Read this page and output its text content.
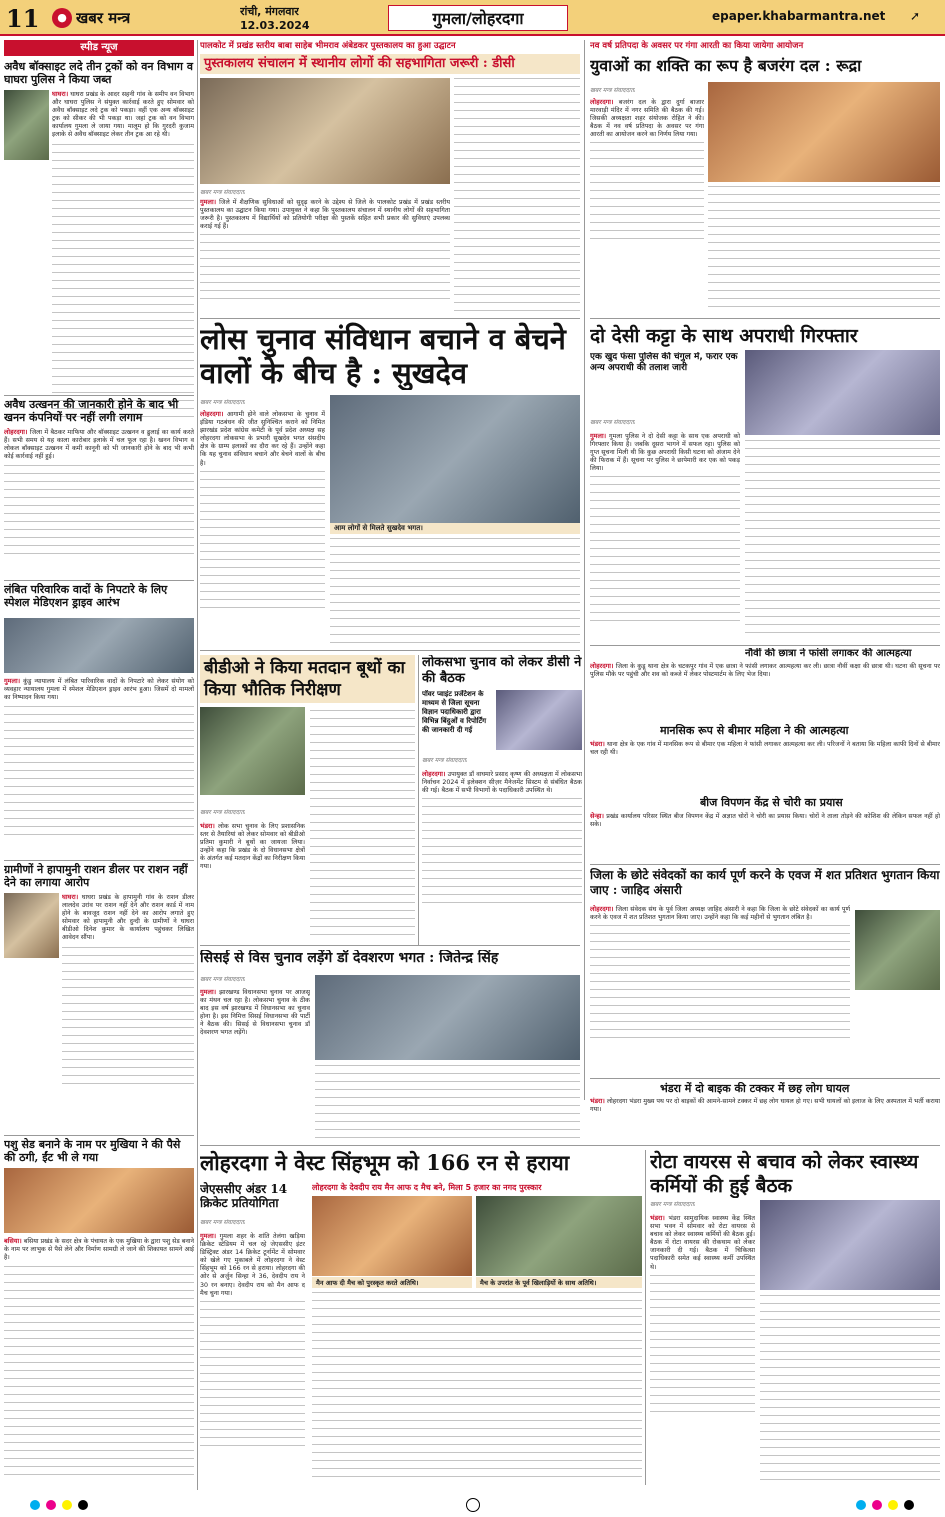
11	● खबर मन्त्र	रांची, मंगलवार
12.03.2024	गुमला/लोहरदगा	epaper.khabarmantra.net ➚
स्पीड न्यूज
अवैध बॉक्साइट लदे तीन ट्रकों को वन विभाग व घाघरा पुलिस ने किया जब्त
घाघरा। घाघरा प्रखंड के आदर सहनी गांव के समीप वन विभाग और घाघरा पुलिस ने संयुक्त कार्रवाई करते हुए सोमवार को अवैध बॉक्साइट लदे ट्रक को पकड़ा। वहीं एक अन्य बॉक्साइट ट्रक को सीकर की भी पकड़ा था। जहां ट्रक को वन विभाग कार्यालय गुमला ले जाया गया। मालूम हो कि गुरदरी कुजाम इलाके से अवैध बॉक्साइट लेकर तीन ट्रक आ रहे थी।
अवैध उत्खनन की जानकारी होने के बाद भी खनन कंपनियों पर नहीं लगी लगाम
लोहरदगा। जिला में बैठकर माफिया और बॉक्साइट उत्खनन व ढुलाई का कार्य करते हैं। सभी समय से यह काला कारोबार इलाके में चल फूल रहा है। खनन विभाग व लोकल बॉक्साइट उत्खनन में कमी कानूनी को भी जानकारी होने के बाद भी कभी कोई कार्रवाई नहीं हुई।
लंबित परिवारिक वादों के निपटारे के लिए स्पेशल मेडिएशन ड्राइव आरंभ
गुमला। कुंडु न्यायालय में लंबित पारिवारिक वादों के निपटारे को लेकर संयोग को व्यवहार न्यायालय गुमला में स्पेशल मेडिएशन ड्राइव आरंभ हुआ। जिसमें दो मामलों का निष्पादन किया गया।
ग्रामीणों ने हापामुनी राशन डीलर पर राशन नहीं देने का लगाया आरोप
घाघरा। घाघरा प्रखंड के हापामुनी गांव के राशन डीलर लालदेव उरांव पर राशन नहीं देने और राशन कार्ड में नाम होने के बावजूद राशन नहीं देने का आरोप लगाते हुए सोमवार को हापामुनी और दुन्दी के ग्रामीणों ने घाघरा बीडीओ दिनेश कुमार के कार्यालय पहुंचकर लिखित आवेदन सौंपा।
पशु सेड बनाने के नाम पर मुखिया ने की पैसे की ठगी, ईंट भी ले गया
बसिया। बसिया प्रखंड के सदर क्षेत्र के पंचायत के एक मुखिया के द्वारा पशु सेड बनाने के नाम पर लाभुक से पैसे लेने और निर्माण सामग्री ले जाने की शिकायत सामने आई है।
पालकोट में प्रखंड स्तरीय बाबा साहेब भीमराव अंबेडकर पुस्तकालय का हुआ उद्घाटन
पुस्तकालय संचालन में स्थानीय लोगों की सहभागिता जरूरी : डीसी
खबर मन्त्र संवाददाता
गुमला। जिले में शैक्षणिक सुविधाओं को सुदृढ़ करने के उद्देश्य से जिले के पालकोट प्रखंड में प्रखंड स्तरीय पुस्तकालय का उद्घाटन किया गया। उपायुक्त ने कहा कि पुस्तकालय संचालन में स्थानीय लोगों की सहभागिता जरूरी है। पुस्तकालय में विद्यार्थियों को प्रतियोगी परीक्षा की पुस्तकें सहित सभी प्रकार की सुविधाएं उपलब्ध कराई गई हैं।
नव वर्ष प्रतिपदा के अवसर पर गंगा आरती का किया जायेगा आयोजन
युवाओं का शक्ति का रूप है बजरंग दल : रूद्रा
खबर मन्त्र संवाददाता
लोहरदगा। बजरंग दल के द्वारा दुर्गा बाजार मारवाड़ी मंदिर में नगर समिति की बैठक की गई। जिसकी अध्यक्षता शहर संयोजक रोहित ने की। बैठक में नव वर्ष प्रतिपदा के अवसर पर गंगा आरती का आयोजन करने का निर्णय लिया गया।
लोस चुनाव संविधान बचाने व बेचने वालों के बीच है : सुखदेव
खबर मन्त्र संवाददाता
लोहरदगा। आगामी होने वाले लोकसभा के चुनाव में इंडिया गठबंधन की जीत सुनिश्चित कराने को निमित झारखंड प्रदेश कांग्रेस कमेटी के पूर्व प्रदेश अध्यक्ष सह लोहरदगा लोकसभा के प्रभारी सुखदेव भगत संसदीय क्षेत्र के ग्राम्य इलाकों का दौरा कर रहे हैं। उन्होंने कहा कि यह चुनाव संविधान बचाने और बेचने वालों के बीच है।
आम लोगों से मिलते सुखदेव भगत।
दो देसी कट्टा के साथ अपराधी गिरफ्तार
एक खुद फंसा पुलिस की चंगुल में, फरार एक अन्य अपराधी की तलाश जारी
खबर मन्त्र संवाददाता
गुमला। गुमला पुलिस ने दो देसी कट्टा के साथ एक अपराधी को गिरफ्तार किया है। जबकि दूसरा भागने में सफल रहा। पुलिस को गुप्त सूचना मिली थी कि कुछ अपराधी किसी घटना को अंजाम देने की फिराक में हैं। सूचना पर पुलिस ने छापेमारी कर एक को पकड़ लिया।
नौवीं की छात्रा ने फांसी लगाकर की आत्महत्या
लोहरदगा। जिला के कुडू थाना क्षेत्र के चटकपुर गांव में एक छात्रा ने फांसी लगाकर आत्महत्या कर ली। छात्रा नौवीं कक्षा की छात्रा थी। घटना की सूचना पर पुलिस मौके पर पहुंची और शव को कब्जे में लेकर पोस्टमार्टम के लिए भेज दिया।
मानसिक रूप से बीमार महिला ने की आत्महत्या
भंडरा। थाना क्षेत्र के एक गांव में मानसिक रूप से बीमार एक महिला ने फांसी लगाकर आत्महत्या कर ली। परिजनों ने बताया कि महिला काफी दिनों से बीमार चल रही थी।
बीज विपणन केंद्र से चोरी का प्रयास
सेन्हा। प्रखंड कार्यालय परिसर स्थित बीज विपणन केंद्र में अज्ञात चोरों ने चोरी का प्रयास किया। चोरों ने ताला तोड़ने की कोशिश की लेकिन सफल नहीं हो सके।
जिला के छोटे संवेदकों का कार्य पूर्ण करने के एवज में शत प्रतिशत भुगतान किया जाए : जाहिद अंसारी
लोहरदगा। जिला संवेदक संघ के पूर्व जिला अध्यक्ष जाहिद अंसारी ने कहा कि जिला के छोटे संवेदकों का कार्य पूर्ण करने के एवज में शत प्रतिशत भुगतान किया जाए। उन्होंने कहा कि कई महीनों से भुगतान लंबित है।
भंडरा में दो बाइक की टक्कर में छह लोग घायल
भंडरा। लोहरदगा भंडरा मुख्य पथ पर दो बाइकों की आमने-सामने टक्कर में छह लोग घायल हो गए। सभी घायलों को इलाज के लिए अस्पताल में भर्ती कराया गया।
बीडीओ ने किया मतदान बूथों का किया भौतिक निरीक्षण
खबर मन्त्र संवाददाता
भंडरा। लोक सभा चुनाव के लिए प्रशासनिक स्तर से तैयारियां को लेकर सोमवार को बीडीओ प्रतिमा कुमारी ने बूथों का जायजा लिया। उन्होंने कहा कि प्रखंड के दो विधानसभा क्षेत्रों के अंतर्गत कई मतदान केंद्रों का निरीक्षण किया गया।
लोकसभा चुनाव को लेकर डीसी ने की बैठक
पॉवर प्वाइंट प्रजेंटेशन के माध्यम से जिला सूचना विज्ञान पदाधिकारी द्वारा विभिन्न बिंदुओं व रिपोर्टिंग की जानकारी दी गई
खबर मन्त्र संवाददाता
लोहरदगा। उपायुक्त डॉ वाघमारे प्रसाद कृष्ण की अध्यक्षता में लोकसभा निर्वाचन 2024 में इलेक्शन सीज़र मैनेजमेंट सिस्टम से संबंधित बैठक की गई। बैठक में सभी विभागों के पदाधिकारी उपस्थित थे।
सिसई से विस चुनाव लड़ेंगे डॉ देवशरण भगत : जितेन्द्र सिंह
खबर मन्त्र संवाददाता
गुमला। झारखण्ड विधानसभा चुनाव पर आजसू का मंथन चल रहा है। लोकसभा चुनाव के ठीक बाद इस वर्ष झारखण्ड में विधानसभा का चुनाव होना है। इस निमित्त सिसई विधानसभा की पार्टी ने बैठक की। सिसई से विधानसभा चुनाव डॉ देवशरण भगत लड़ेंगे।
लोहरदगा ने वेस्ट सिंहभूम को 166 रन से हराया
जेएससीए अंडर 14 क्रिकेट प्रतियोगिता
लोहरदगा के देवदीप राय मैन आफ द मैच बने, मिला 5 हजार का नगद पुरस्कार
मैन आफ दी मैच को पुरस्कृत करते अतिथि।	मैच के उपरांत के पूर्व खिलाड़ियों के साथ अतिथि।
खबर मन्त्र संवाददाता
गुमला। गुमला शहर के शांति तेलंगा खड़िया क्रिकेट स्टेडियम में चल रहे जेएससीए इंटर डिस्ट्रिक्ट अंडर 14 क्रिकेट टूर्नामेंट में सोमवार को खेले गए मुकाबले में लोहरदगा ने वेस्ट सिंहभूम को 166 रन से हराया। लोहरदगा की ओर से अर्जुन सिन्हा ने 36, देवदीप राय ने 30 रन बनाए। देवदीप राय को मैन आफ द मैच चुना गया।
रोटा वायरस से बचाव को लेकर स्वास्थ्य कर्मियों की हुई बैठक
खबर मन्त्र संवाददाता
भंडरा। भंडरा सामुदायिक स्वास्थ्य केंद्र स्थित सभा भवन में सोमवार को रोटा वायरस से बचाव को लेकर स्वास्थ्य कर्मियों की बैठक हुई। बैठक में रोटा वायरस की रोकथाम को लेकर जानकारी दी गई। बैठक में चिकित्सा पदाधिकारी समेत कई स्वास्थ्य कर्मी उपस्थित थे।
